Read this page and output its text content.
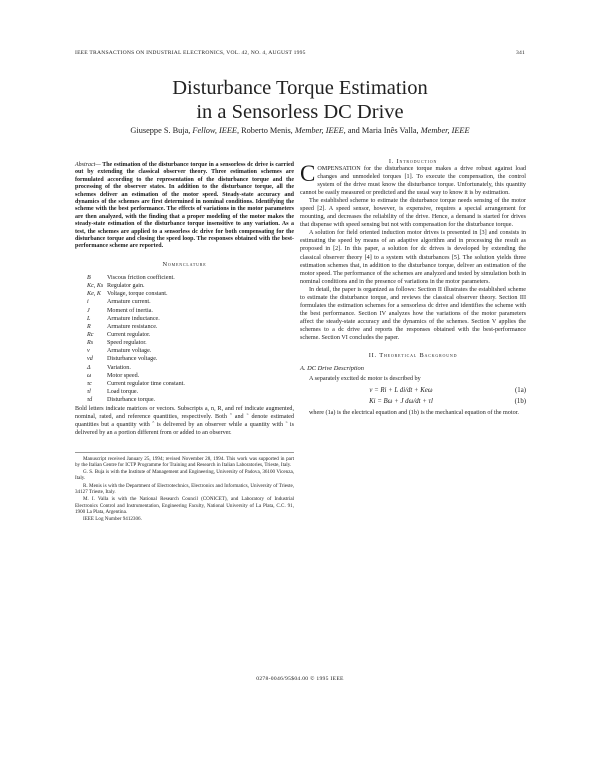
IEEE TRANSACTIONS ON INDUSTRIAL ELECTRONICS, VOL. 42, NO. 4, AUGUST 1995	341
Disturbance Torque Estimation
in a Sensorless DC Drive
Giuseppe S. Buja, Fellow, IEEE, Roberto Menis, Member, IEEE, and Maria Inês Valla, Member, IEEE
Abstract— The estimation of the disturbance torque in a sensorless dc drive is carried out by extending the classical observer theory. Three estimation schemes are formulated according to the representation of the disturbance torque and the processing of the observer states. In addition to the disturbance torque, all the schemes deliver an estimation of the motor speed. Steady-state accuracy and dynamics of the schemes are first determined in nominal conditions. Identifying the scheme with the best performance. The effects of variations in the motor parameters are then analyzed, with the finding that a proper modeling of the motor makes the steady-state estimation of the disturbance torque insensitive to any variation. As a test, the schemes are applied to a sensorless dc drive for both compensating for the disturbance torque and closing the speed loop. The responses obtained with the best-performance scheme are reported.
Nomenclature
B	Viscous friction coefficient.
Kc, Ks Regulator gain.
Ke, K	Voltage, torque constant.
i	Armature current.
J	Moment of inertia.
L	Armature inductance.
R	Armature resistance.
Rc	Current regulator.
Rs	Speed regulator.
v	Armature voltage.
vd	Disturbance voltage.
Δ	Variation.
ω	Motor speed.
τc	Current regulator time constant.
τl	Load torque.
τd	Disturbance torque.
Bold letters indicate matrices or vectors. Subscripts a, n, R, and ref indicate augmented, nominal, rated, and reference quantities, respectively. Both ˆ and ˜ denote estimated quantities but a quantity with ˆ is delivered by an observer while a quantity with ˜ is delivered by an a portion different from or added to an observer.

Manuscript received January 25, 1994; revised November 28, 1994. This work was supported in part by the Italian Centre for ICTP Programme for Training and Research in Italian Laboratories, Trieste, Italy.

G. S. Buja is with the Institute of Management and Engineering, University of Padova, 36100 Vicenza, Italy.

R. Menis is with the Department of Electrotechnics, Electronics and Informatics, University of Trieste, 34127 Trieste, Italy.

M. I. Valla is with the National Research Council (CONICET), and Laboratory of Industrial Electronics Control and Instrumentation, Engineering Faculty, National University of La Plata, C.C. 91, 1900 La Plata, Argentina.

IEEE Log Number 9412306.

I. Introduction

COMPENSATION for the disturbance torque makes a drive robust against load changes and unmodeled torques [1]. To execute the compensation, the control system of the drive must know the disturbance torque. Unfortunately, this quantity cannot be easily measured or predicted and the usual way to know it is by estimation.

The established scheme to estimate the disturbance torque needs sensing of the motor speed [2]. A speed sensor, however, is expensive, requires a special arrangement for mounting, and decreases the reliability of the drive. Hence, a demand is started for drives that dispense with speed sensing but not with compensation for the disturbance torque.

A solution for field oriented induction motor drives is presented in [3] and consists in estimating the speed by means of an adaptive algorithm and in processing the result as proposed in [2]. In this paper, a solution for dc drives is developed by extending the classical observer theory [4] to a system with disturbances [5]. The solution yields three estimation schemes that, in addition to the disturbance torque, deliver an estimation of the motor speed. The performance of the schemes are analyzed and tested by simulation both in nominal conditions and in the presence of variations in the motor parameters.

In detail, the paper is organized as follows: Section II illustrates the established scheme to estimate the disturbance torque, and reviews the classical observer theory. Section III formulates the estimation schemes for a sensorless dc drive and identifies the scheme with the best performance. Section IV analyzes how the variations of the motor parameters affect the steady-state accuracy and the dynamics of the schemes. Section V applies the schemes to a dc drive and reports the responses obtained with the best-performance scheme. Section VI concludes the paper.

II. Theoretical Background
A. DC Drive Description

A separately excited dc motor is described by

v = Ri + L di/dt + Keω	(1a)
Ki = Bω + J dω/dt + τl	(1b)

where (1a) is the electrical equation and (1b) is the mechanical equation of the motor.

0278-0046/95$04.00 © 1995 IEEE
